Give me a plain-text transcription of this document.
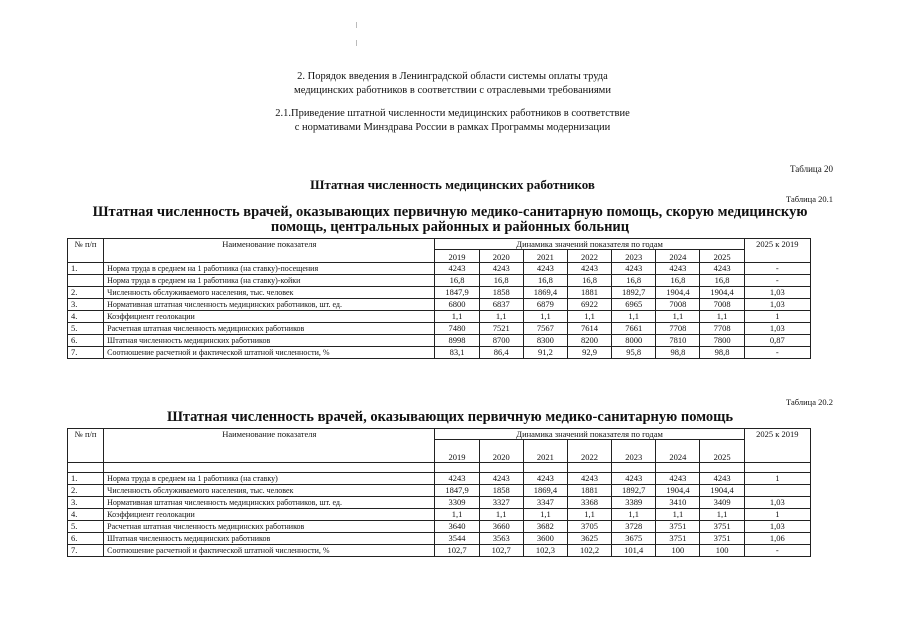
2. Порядок введения в Ленинградской области системы оплаты труда
медицинских работников в соответствии с отраслевыми требованиями
2.1.Приведение штатной численности медицинских работников в соответствие
с нормативами Минздрава России в рамках Программы модернизации
Таблица 20
Штатная численность медицинских работников
Таблица 20.1
Штатная численность врачей, оказывающих первичную медико-санитарную помощь, скорую медицинскую помощь, центральных районных и районных больниц
№ п/п	Наименование показателя	Динамика значений показателя по годам							2025 к 2019
		2019	2020	2021	2022	2023	2024	2025	
1.	Норма труда в среднем на 1 работника (на ставку)-посещения	4243	4243	4243	4243	4243	4243	4243	-
	Норма труда в среднем на 1 работника (на ставку)-койки	16,8	16,8	16,8	16,8	16,8	16,8	16,8	-
2.	Численность обслуживаемого населения, тыс. человек	1847,9	1858	1869,4	1881	1892,7	1904,4	1904,4	1,03
3.	Нормативная штатная численность медицинских работников, шт. ед.	6800	6837	6879	6922	6965	7008	7008	1,03
4.	Коэффициент геолокации	1,1	1,1	1,1	1,1	1,1	1,1	1,1	1
5.	Расчетная штатная численность медицинских работников	7480	7521	7567	7614	7661	7708	7708	1,03
6.	Штатная численность медицинских работников	8998	8700	8300	8200	8000	7810	7800	0,87
7.	Соотношение расчетной и фактической штатной численности, %	83,1	86,4	91,2	92,9	95,8	98,8	98,8	-
Таблица 20.2
Штатная численность врачей, оказывающих первичную медико-санитарную помощь
№ п/п	Наименование показателя	Динамика значений показателя по годам							2025 к 2019
		2019	2020	2021	2022	2023	2024	2025	

1.	Норма труда в среднем на 1 работника (на ставку)	4243	4243	4243	4243	4243	4243	4243	1
2.	Численность обслуживаемого населения, тыс. человек	1847,9	1858	1869,4	1881	1892,7	1904,4	1904,4	
3.	Нормативная штатная численность медицинских работников, шт. ед.	3309	3327	3347	3368	3389	3410	3409	1,03
4.	Коэффициент геолокации	1,1	1,1	1,1	1,1	1,1	1,1	1,1	1
5.	Расчетная штатная численность медицинских работников	3640	3660	3682	3705	3728	3751	3751	1,03
6.	Штатная численность медицинских работников	3544	3563	3600	3625	3675	3751	3751	1,06
7.	Соотношение расчетной и фактической штатной численности, %	102,7	102,7	102,3	102,2	101,4	100	100	-
